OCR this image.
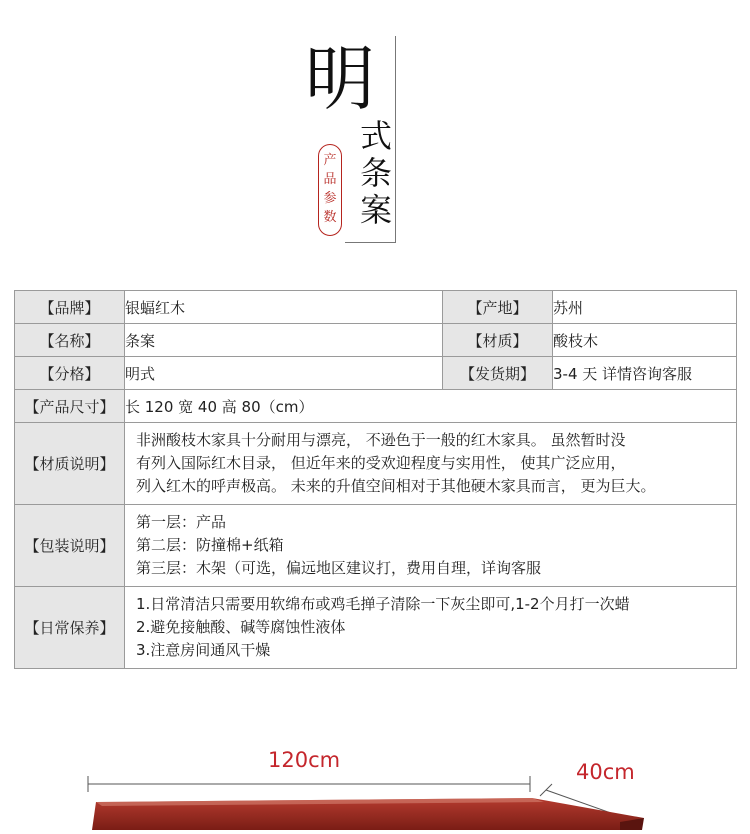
明
式
条
案
产
品
参
数
【品牌】	银蝠红木	【产地】	苏州
【名称】	条案	【材质】	酸枝木
【分格】	明式	【发货期】	3-4 天 详情咨询客服
【产品尺寸】	长 120 宽 40 高 80（cm）		
【材质说明】	非洲酸枝木家具十分耐用与漂亮， 不逊色于一般的红木家具。 虽然暂时没
有列入国际红木目录， 但近年来的受欢迎程度与实用性， 使其广泛应用，
列入红木的呼声极高。 未来的升值空间相对于其他硬木家具而言， 更为巨大。		

【包装说明】	第一层：产品
第二层：防撞棉+纸箱
第三层：木架（可选，偏远地区建议打，费用自理，详询客服		

【日常保养】	1.日常清洁只需要用软绵布或鸡毛掸子清除一下灰尘即可,1-2个月打一次蜡
2.避免接触酸、碱等腐蚀性液体
3.注意房间通风干燥		
120cm	40cm
